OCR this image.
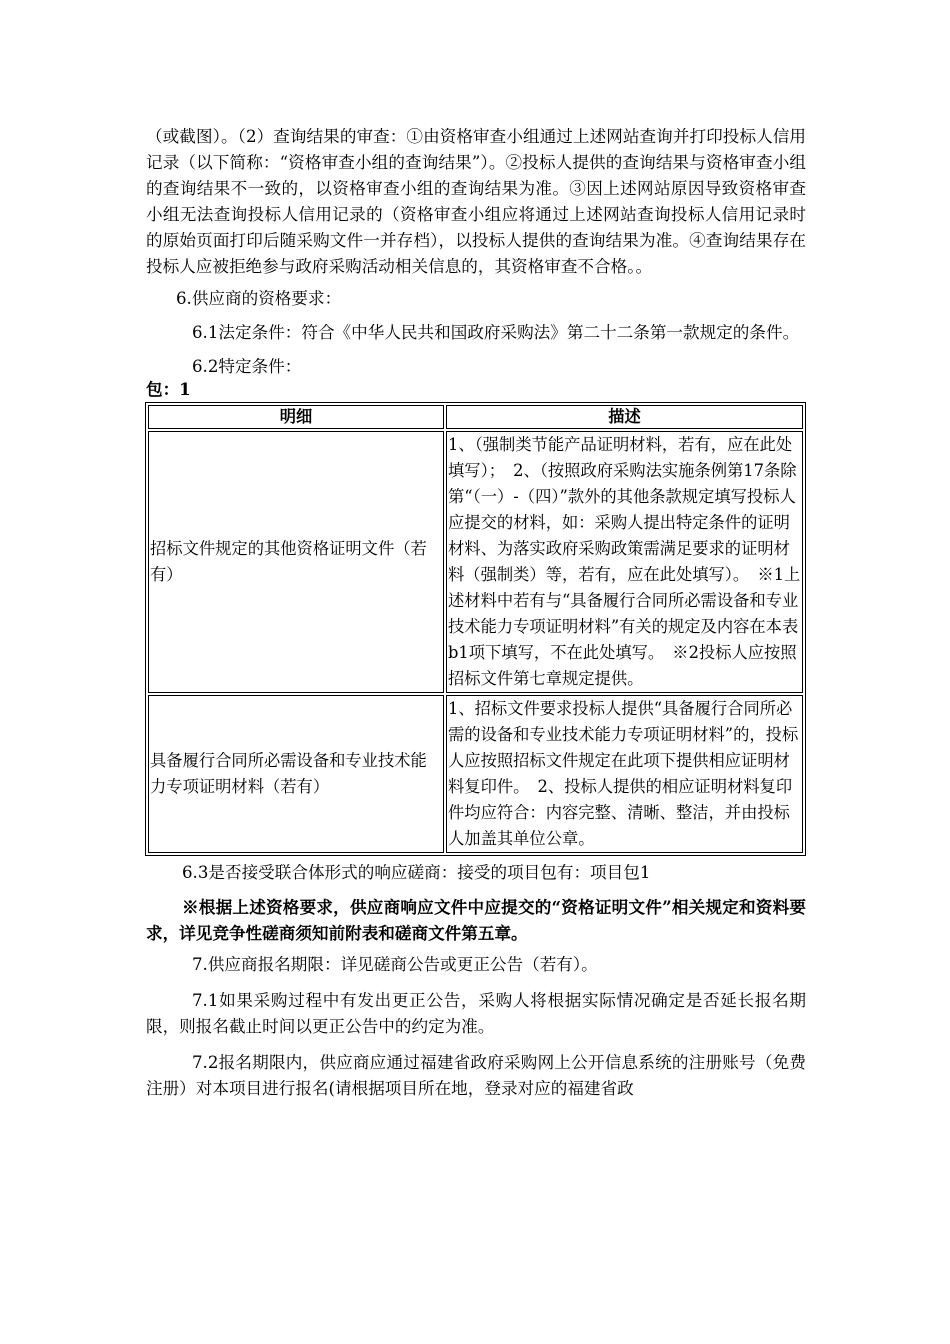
（或截图）。（2）查询结果的审查：①由资格审查小组通过上述网站查询并打印投标人信用记录（以下简称：“资格审查小组的查询结果”）。②投标人提供的查询结果与资格审查小组的查询结果不一致的，以资格审查小组的查询结果为准。③因上述网站原因导致资格审查小组无法查询投标人信用记录的（资格审查小组应将通过上述网站查询投标人信用记录时的原始页面打印后随采购文件一并存档），以投标人提供的查询结果为准。④查询结果存在投标人应被拒绝参与政府采购活动相关信息的，其资格审查不合格。。

6.供应商的资格要求：

6.1法定条件：符合《中华人民共和国政府采购法》第二十二条第一款规定的条件。

6.2特定条件：

包：1

明细	描述
招标文件规定的其他资格证明文件（若有）	1、（强制类节能产品证明材料，若有，应在此处填写）；　2、（按照政府采购法实施条例第17条除第“（一）-（四）”款外的其他条款规定填写投标人应提交的材料，如：采购人提出特定条件的证明材料、为落实政府采购政策需满足要求的证明材料（强制类）等，若有，应在此处填写）。　※1上述材料中若有与“具备履行合同所必需设备和专业技术能力专项证明材料”有关的规定及内容在本表b1项下填写，不在此处填写。　※2投标人应按照招标文件第七章规定提供。
具备履行合同所必需设备和专业技术能力专项证明材料（若有）	1、招标文件要求投标人提供“具备履行合同所必需的设备和专业技术能力专项证明材料”的，投标人应按照招标文件规定在此项下提供相应证明材料复印件。　2、投标人提供的相应证明材料复印件均应符合：内容完整、清晰、整洁，并由投标人加盖其单位公章。

6.3是否接受联合体形式的响应磋商：接受的项目包有：项目包1

※根据上述资格要求，供应商响应文件中应提交的“资格证明文件”相关规定和资料要求，详见竞争性磋商须知前附表和磋商文件第五章。

7.供应商报名期限：详见磋商公告或更正公告（若有）。

7.1如果采购过程中有发出更正公告，采购人将根据实际情况确定是否延长报名期限，则报名截止时间以更正公告中的约定为准。

7.2报名期限内，供应商应通过福建省政府采购网上公开信息系统的注册账号（免费注册）对本项目进行报名(请根据项目所在地，登录对应的福建省政
